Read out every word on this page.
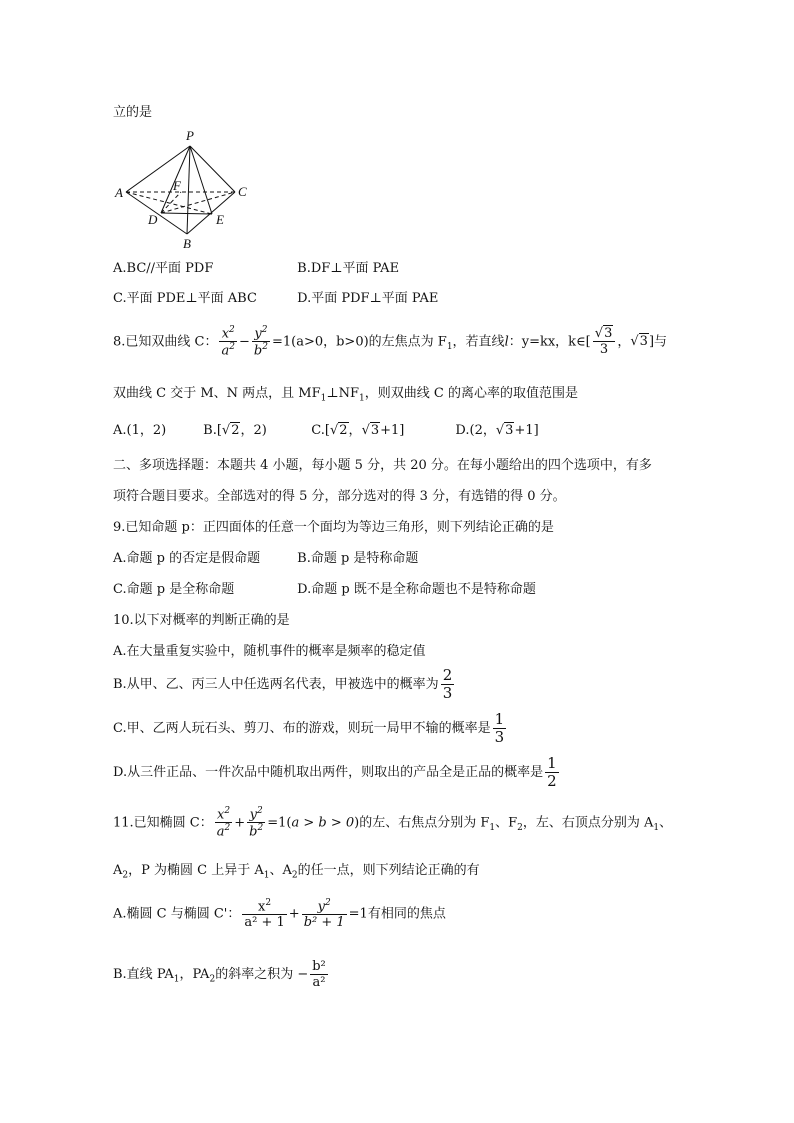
立的是
P
A	F	C
D	E
B
A.BC//平面 PDF	B.DF⊥平面 PAE
C.平面 PDE⊥平面 ABC	D.平面 PDF⊥平面 PAE
8.已知双曲线 C： $\frac{x^2}{a^2} - \frac{y^2}{b^2} =1(a>0$，b>0)的左焦点为 $F_1$，若直线l：y=kx，k∈[ $\frac{√3}{3}$ ，√3]与
双曲线 C 交于 M、N 两点，且 $MF_1\perp NF_1$，则双曲线 C 的离心率的取值范围是
A.(1，2)	B.[√2，2)	C.[√2，√3+1]	D.(2，√3+1]
二、多项选择题：本题共 4 小题，每小题 5 分，共 20 分。在每小题给出的四个选项中，有多
项符合题目要求。全部选对的得 5 分，部分选对的得 3 分，有选错的得 0 分。
9.已知命题 p：正四面体的任意一个面均为等边三角形，则下列结论正确的是
A.命题 p 的否定是假命题	B.命题 p 是特称命题
C.命题 p 是全称命题	D.命题 p 既不是全称命题也不是特称命题
10.以下对概率的判断正确的是
A.在大量重复实验中，随机事件的概率是频率的稳定值
B.从甲、乙、丙三人中任选两名代表，甲被选中的概率为 $\frac{2}{3}$
C.甲、乙两人玩石头、剪刀、布的游戏，则玩一局甲不输的概率是 $\frac{1}{3}$
D.从三件正品、一件次品中随机取出两件，则取出的产品全是正品的概率是 $\frac{1}{2}$
11.已知椭圆 C： $\frac{x^2}{a^2} + \frac{y^2}{b^2} =1(a > b > 0)$的左、右焦点分别为 $F_1$、$F_2$，左、右顶点分别为 $A_1$、
$A_2$，P 为椭圆 C 上异于 $A_1$、$A_2$的任一点，则下列结论正确的有
A.椭圆 C 与椭圆 C'： $\frac{x^2}{\text{a² + 1}} + \frac{y^2}{\text{b² + 1}} =1$有相同的焦点
B.直线 $PA_1$，$PA_2$的斜率之积为 − $\frac{\text{b²}}{\text{a²}}$
